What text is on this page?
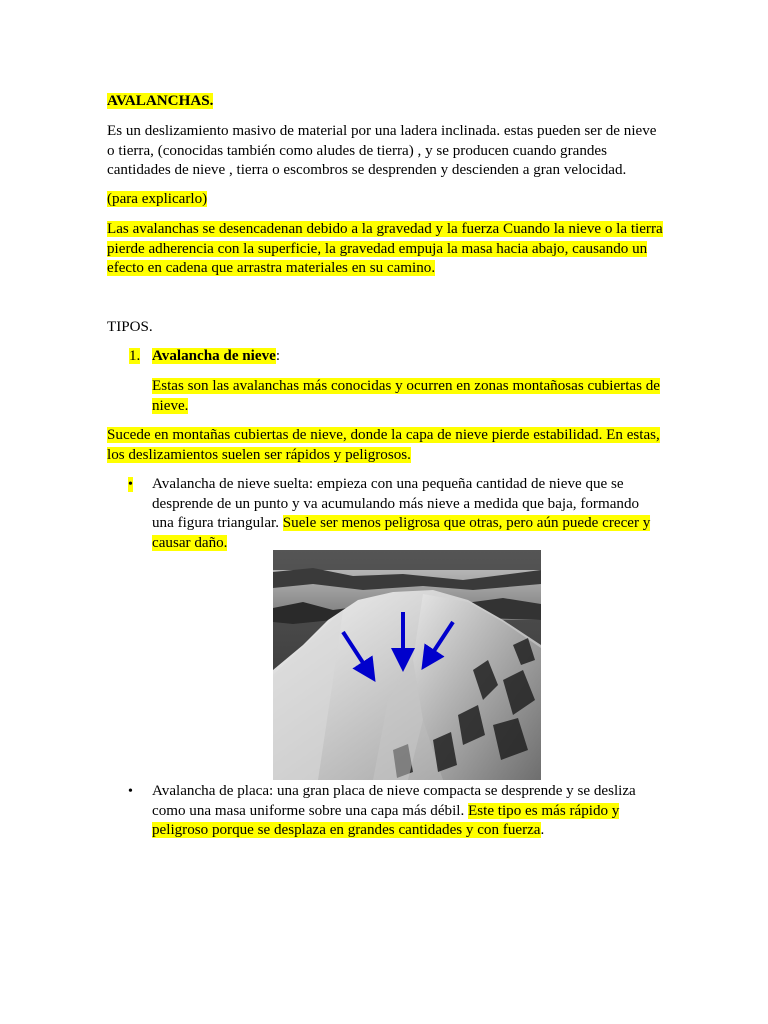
AVALANCHAS.

Es un deslizamiento masivo de material por una ladera inclinada. estas pueden ser de nieve o tierra, (conocidas también como aludes de tierra) , y se producen cuando grandes cantidades de nieve , tierra o escombros se desprenden y descienden a gran velocidad.

(para explicarlo)

Las avalanchas se desencadenan debido a la gravedad y la fuerza Cuando la nieve o la tierra pierde adherencia con la superficie, la gravedad empuja la masa hacia abajo, causando un efecto en cadena que arrastra materiales en su camino.

TIPOS.

1. Avalancha de nieve:

Estas son las avalanchas más conocidas y ocurren en zonas montañosas cubiertas de nieve.

Sucede en montañas cubiertas de nieve, donde la capa de nieve pierde estabilidad. En estas, los deslizamientos suelen ser rápidos y peligrosos.

• Avalancha de nieve suelta: empieza con una pequeña cantidad de nieve que se desprende de un punto y va acumulando más nieve a medida que baja, formando una figura triangular. Suele ser menos peligrosa que otras, pero aún puede crecer y causar daño.

• Avalancha de placa: una gran placa de nieve compacta se desprende y se desliza como una masa uniforme sobre una capa más débil. Este tipo es más rápido y peligroso porque se desplaza en grandes cantidades y con fuerza.
